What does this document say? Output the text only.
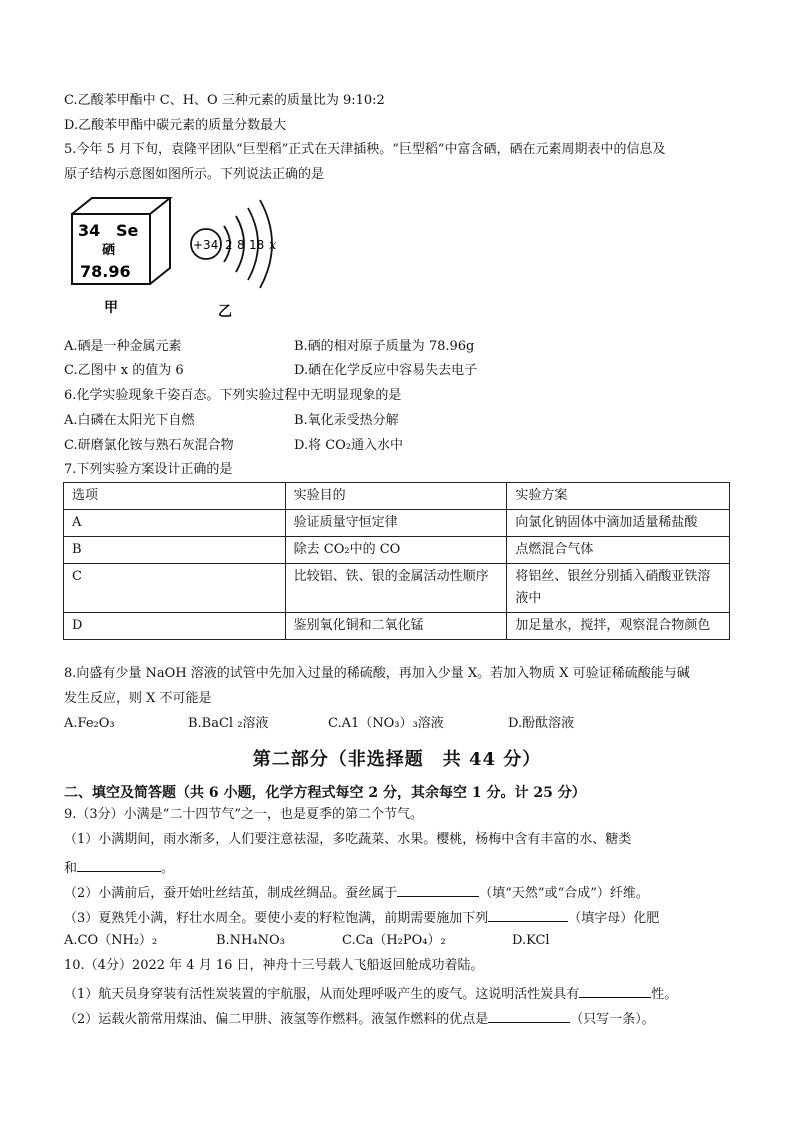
C.乙酸苯甲酯中 C、H、O 三种元素的质量比为 9:10:2
D.乙酸苯甲酯中碳元素的质量分数最大
5.今年 5 月下旬，袁隆平团队“巨型稻”正式在天津插秧。“巨型稻”中富含硒，硒在元素周期表中的信息及
原子结构示意图如图所示。下列说法正确的是
34 Se
硒
78.96
甲
+34 2 8 18 x
乙
A.硒是一种金属元素	B.硒的相对原子质量为 78.96g
C.乙图中 x 的值为 6	D.硒在化学反应中容易失去电子
6.化学实验现象千姿百态。下列实验过程中无明显现象的是
A.白磷在太阳光下自燃	B.氧化汞受热分解
C.研磨氯化铵与熟石灰混合物	D.将 CO₂通入水中
7.下列实验方案设计正确的是
选项	实验目的	实验方案
A	验证质量守恒定律	向氯化钠固体中滴加适量稀盐酸
B	除去 CO₂中的 CO	点燃混合气体
C	比较铝、铁、银的金属活动性顺序	将铝丝、银丝分别插入硝酸亚铁溶液中
D	鉴别氧化铜和二氧化锰	加足量水，搅拌，观察混合物颜色
8.向盛有少量 NaOH 溶液的试管中先加入过量的稀硫酸，再加入少量 X。若加入物质 X 可验证稀硫酸能与碱
发生反应，则 X 不可能是
A.Fe₂O₃	B.BaCl ₂溶液	C.A1（NO₃）₃溶液	D.酚酞溶液
第二部分（非选择题　共 44 分）
二、填空及简答题（共 6 小题，化学方程式每空 2 分，其余每空 1 分。计 25 分）
9.（3分）小满是“二十四节气”之一，也是夏季的第二个节气。
（1）小满期间，雨水渐多，人们要注意祛湿，多吃蔬菜、水果。樱桃，杨梅中含有丰富的水、糖类
和	。
（2）小满前后，蚕开始吐丝结茧，制成丝绸品。蚕丝属于	（填“天然”或“合成”）纤维。
（3）夏熟凭小满，籽壮水周全。要使小麦的籽粒饱满，前期需要施加下列	（填字母）化肥
A.CO（NH₂）₂	B.NH₄NO₃	C.Ca（H₂PO₄）₂	D.KCl
10.（4分）2022 年 4 月 16 日，神舟十三号载人飞船返回舱成功着陆。
（1）航天员身穿装有活性炭装置的宇航服，从而处理呼吸产生的废气。这说明活性炭具有	性。
（2）运载火箭常用煤油、偏二甲肼、液氢等作燃料。液氢作燃料的优点是	（只写一条）。
